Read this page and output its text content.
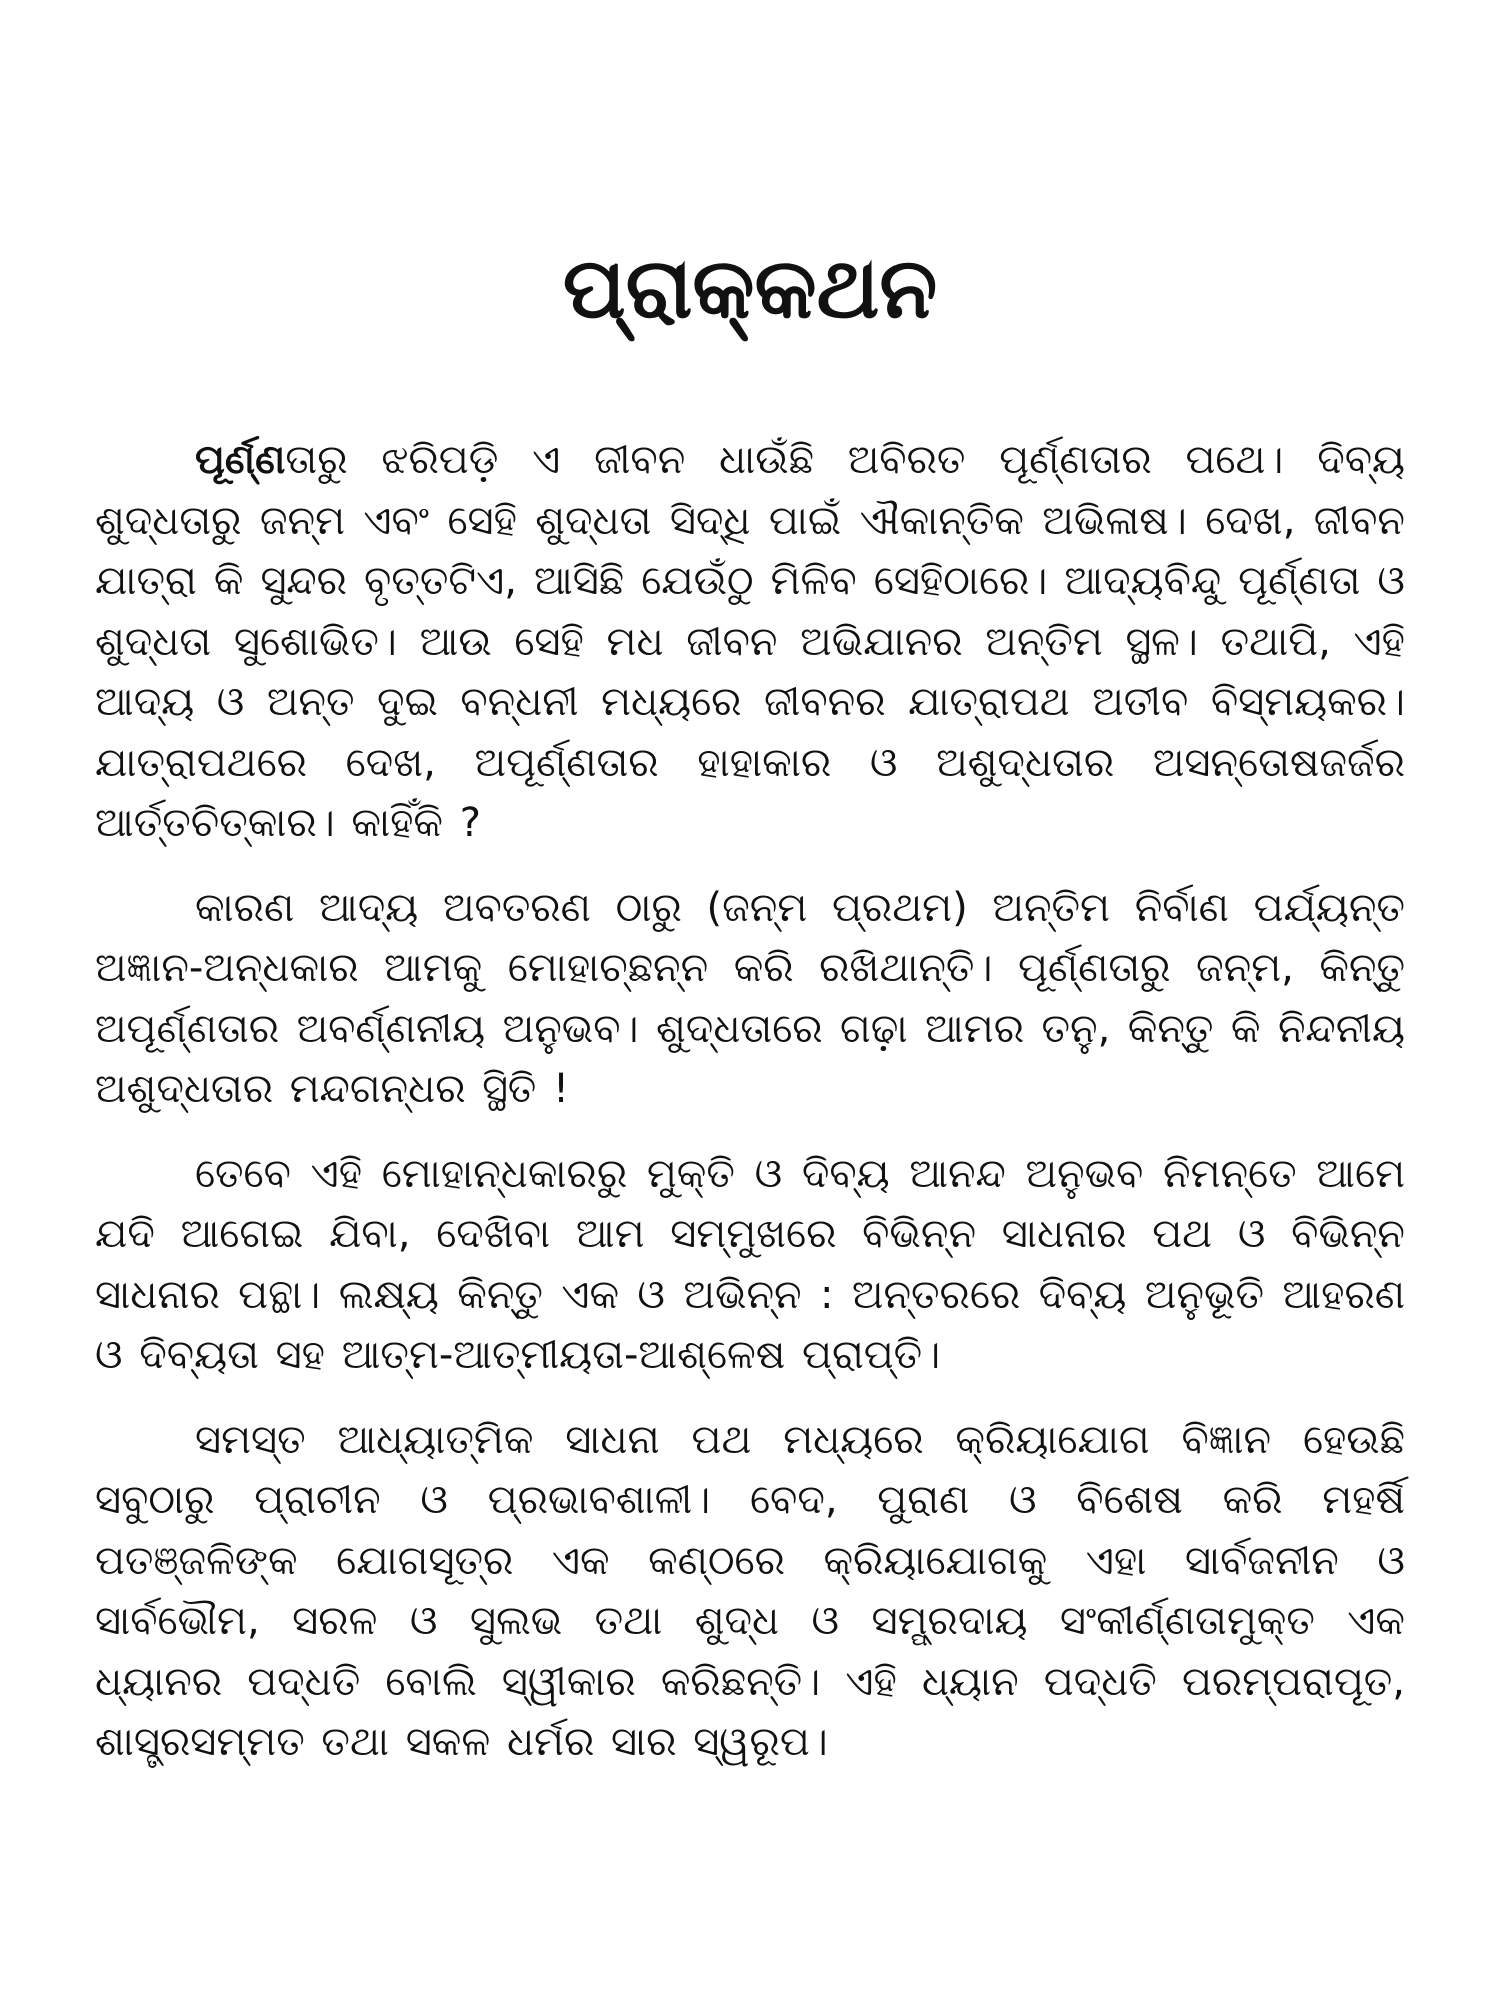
ପ୍ରାକ୍‌କଥନ

ପୂର୍ଣ୍ଣତାରୁ ଝରିପଡ଼ି ଏ ଜୀବନ ଧାଉଁଛି ଅବିରତ ପୂର୍ଣ୍ଣତାର ପଥେ। ଦିବ୍ୟ ଶୁଦ୍ଧତାରୁ ଜନ୍ମ ଏବଂ ସେହି ଶୁଦ୍ଧତା ସିଦ୍ଧି ପାଇଁ ଐକାନ୍ତିକ ଅଭିଳାଷ। ଦେଖ, ଜୀବନ ଯାତ୍ରା କି ସୁନ୍ଦର ବୃତ୍ତଟିଏ, ଆସିଛି ଯେଉଁଠୁ ମିଳିବ ସେହିଠାରେ। ଆଦ୍ୟବିନ୍ଦୁ ପୂର୍ଣ୍ଣତା ଓ ଶୁଦ୍ଧତା ସୁଶୋଭିତ। ଆଉ ସେହି ମଧ ଜୀବନ ଅଭିଯାନର ଅନ୍ତିମ ସ୍ଥଳ। ତଥାପି, ଏହି ଆଦ୍ୟ ଓ ଅନ୍ତ ଦୁଇ ବନ୍ଧନୀ ମଧ୍ୟରେ ଜୀବନର ଯାତ୍ରାପଥ ଅତୀବ ବିସ୍ମୟକର। ଯାତ୍ରାପଥରେ ଦେଖ, ଅପୂର୍ଣ୍ଣତାର ହାହାକାର ଓ ଅଶୁଦ୍ଧତାର ଅସନ୍ତୋଷଜର୍ଜର ଆର୍ତ୍ତଚିତ୍କାର। କାହିଁକି ?

କାରଣ ଆଦ୍ୟ ଅବତରଣ ଠାରୁ (ଜନ୍ମ ପ୍ରଥମ) ଅନ୍ତିମ ନିର୍ବାଣ ପର୍ଯ୍ୟନ୍ତ ଅଜ୍ଞାନ-ଅନ୍ଧକାର ଆମକୁ ମୋହାଚ୍ଛନ୍ନ କରି ରଖିଥାନ୍ତି। ପୂର୍ଣ୍ଣତାରୁ ଜନ୍ମ, କିନ୍ତୁ ଅପୂର୍ଣ୍ଣତାର ଅବର୍ଣ୍ଣନୀୟ ଅନୁଭବ। ଶୁଦ୍ଧତାରେ ଗଢ଼ା ଆମର ତନୁ, କିନ୍ତୁ କି ନିନ୍ଦନୀୟ ଅଶୁଦ୍ଧତାର ମନ୍ଦଗନ୍ଧର ସ୍ଥିତି !

ତେବେ ଏହି ମୋହାନ୍ଧକାରରୁ ମୁକ୍ତି ଓ ଦିବ୍ୟ ଆନନ୍ଦ ଅନୁଭବ ନିମନ୍ତେ ଆମେ ଯଦି ଆଗେଇ ଯିବା, ଦେଖିବା ଆମ ସମ୍ମୁଖରେ ବିଭିନ୍ନ ସାଧନାର ପଥ ଓ ବିଭିନ୍ନ ସାଧନାର ପନ୍ଥା। ଲକ୍ଷ୍ୟ କିନ୍ତୁ ଏକ ଓ ଅଭିନ୍ନ : ଅନ୍ତରରେ ଦିବ୍ୟ ଅନୁଭୂତି ଆହରଣ ଓ ଦିବ୍ୟତା ସହ ଆତ୍ମ-ଆତ୍ମୀୟତା-ଆଶ୍ଳେଷ ପ୍ରାପ୍ତି।

ସମସ୍ତ ଆଧ୍ୟାତ୍ମିକ ସାଧନା ପଥ ମଧ୍ୟରେ କ୍ରିୟାଯୋଗ ବିଜ୍ଞାନ ହେଉଛି ସବୁଠାରୁ ପ୍ରାଚୀନ ଓ ପ୍ରଭାବଶାଳୀ। ବେଦ, ପୁରାଣ ଓ ବିଶେଷ କରି ମହର୍ଷି ପତଞ୍ଜଳିଙ୍କ ଯୋଗସୂତ୍ର ଏକ କଣ୍ଠରେ କ୍ରିୟାଯୋଗକୁ ଏହା ସାର୍ବଜନୀନ ଓ ସାର୍ବଭୌମ, ସରଳ ଓ ସୁଲଭ ତଥା ଶୁଦ୍ଧ ଓ ସମ୍ପ୍ରଦାୟ ସଂକୀର୍ଣ୍ଣତାମୁକ୍ତ ଏକ ଧ୍ୟାନର ପଦ୍ଧତି ବୋଲି ସ୍ୱୀକାର କରିଛନ୍ତି। ଏହି ଧ୍ୟାନ ପଦ୍ଧତି ପରମ୍ପରାପୂତ, ଶାସ୍ତ୍ରସମ୍ମତ ତଥା ସକଳ ଧର୍ମର ସାର ସ୍ୱରୂପ।
